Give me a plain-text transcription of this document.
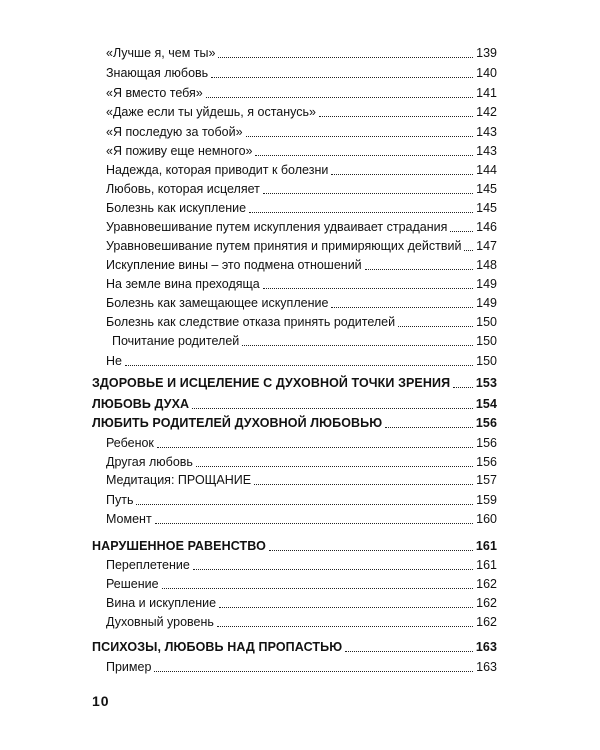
«Лучше я, чем ты»	139
Знающая любовь	140
«Я вместо тебя»	141
«Даже если ты уйдешь, я останусь»	142
«Я последую за тобой»	143
«Я поживу еще немного»	143
Надежда, которая приводит к болезни	144
Любовь, которая исцеляет	145
Болезнь как искупление	145
Уравновешивание путем искупления удваивает страдания 146
Уравновешивание путем принятия и примиряющих действий 147
Искупление вины – это подмена отношений	148
На земле вина преходяща	149
Болезнь как замещающее искупление	149
Болезнь как следствие отказа принять родителей	150
Почитание родителей	150
Не	150
ЗДОРОВЬЕ И ИСЦЕЛЕНИЕ С ДУХОВНОЙ ТОЧКИ ЗРЕНИЯ 153
ЛЮБОВЬ ДУХА	154
ЛЮБИТЬ РОДИТЕЛЕЙ ДУХОВНОЙ ЛЮБОВЬЮ	156
Ребенок	156
Другая любовь	156
Медитация: ПРОЩАНИЕ	157
Путь	159
Момент	160
НАРУШЕННОЕ РАВЕНСТВО	161
Переплетение	161
Решение	162
Вина и искупление	162
Духовный уровень	162
ПСИХОЗЫ, ЛЮБОВЬ НАД ПРОПАСТЬЮ	163
Пример	163
10
